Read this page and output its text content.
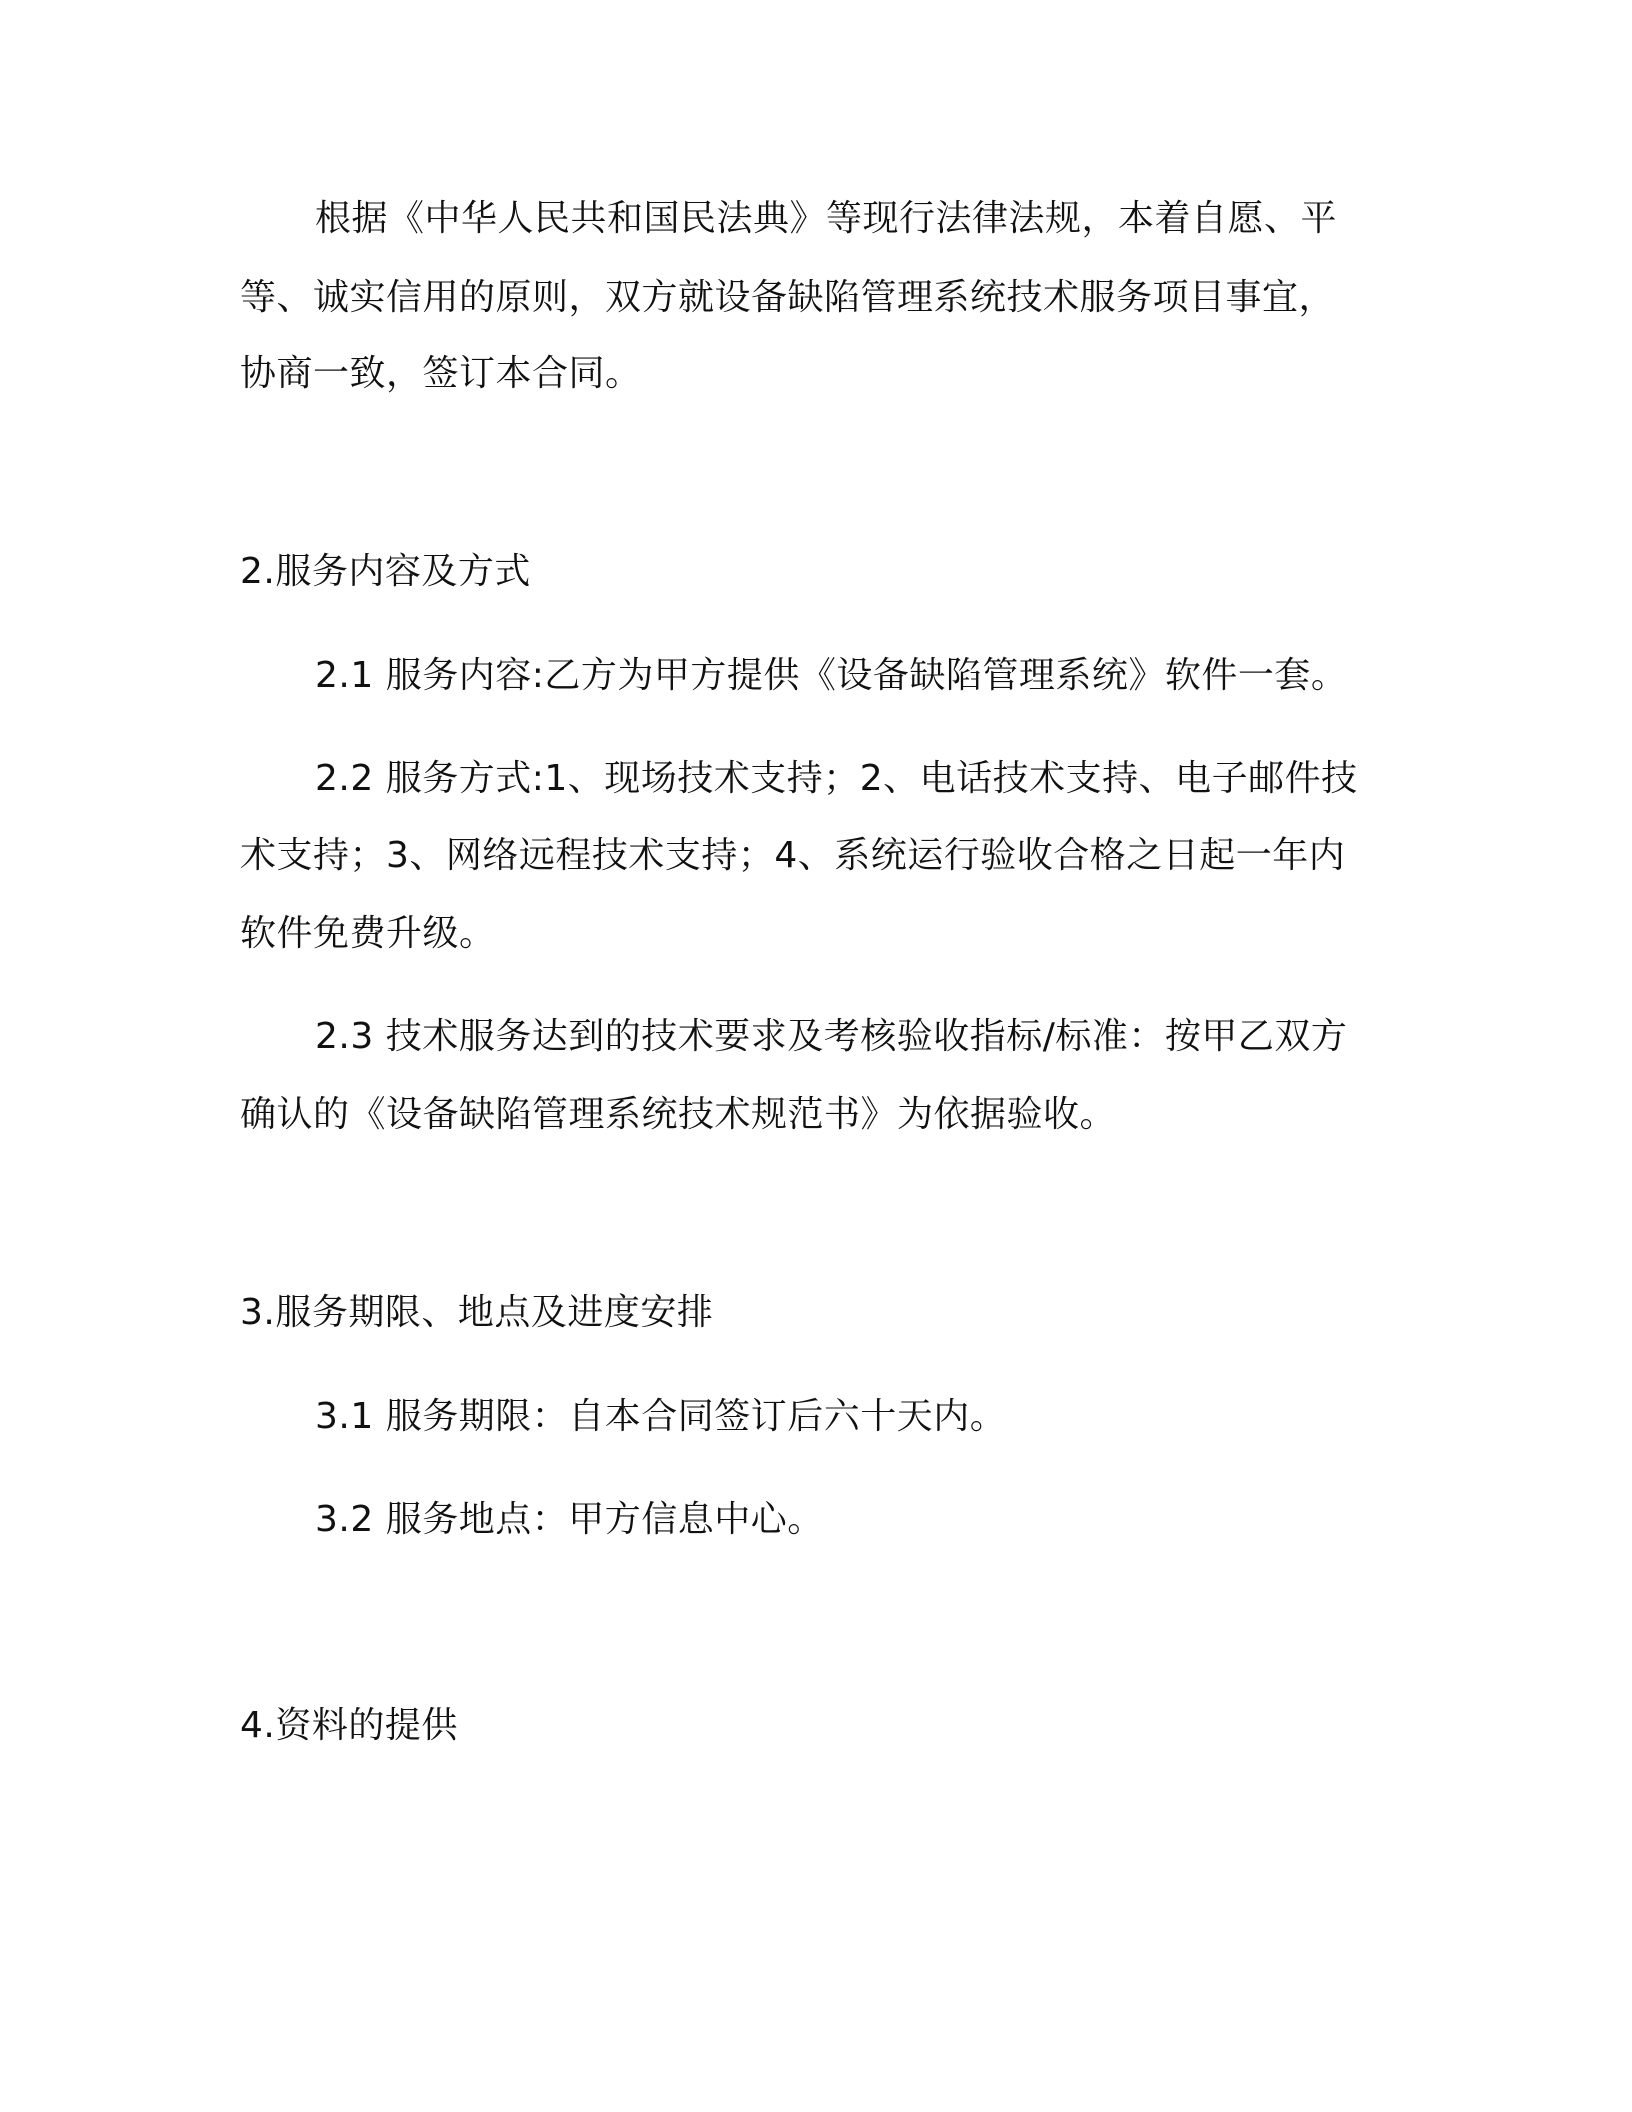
根据《中华人民共和国民法典》等现行法律法规，本着自愿、平
等、诚实信用的原则，双方就设备缺陷管理系统技术服务项目事宜，
协商一致，签订本合同。
2.服务内容及方式
2.1 服务内容:乙方为甲方提供《设备缺陷管理系统》软件一套。
2.2 服务方式:1、现场技术支持；2、电话技术支持、电子邮件技
术支持；3、网络远程技术支持；4、系统运行验收合格之日起一年内
软件免费升级。
2.3 技术服务达到的技术要求及考核验收指标/标准：按甲乙双方
确认的《设备缺陷管理系统技术规范书》为依据验收。
3.服务期限、地点及进度安排
3.1 服务期限：自本合同签订后六十天内。
3.2 服务地点：甲方信息中心。
4.资料的提供
